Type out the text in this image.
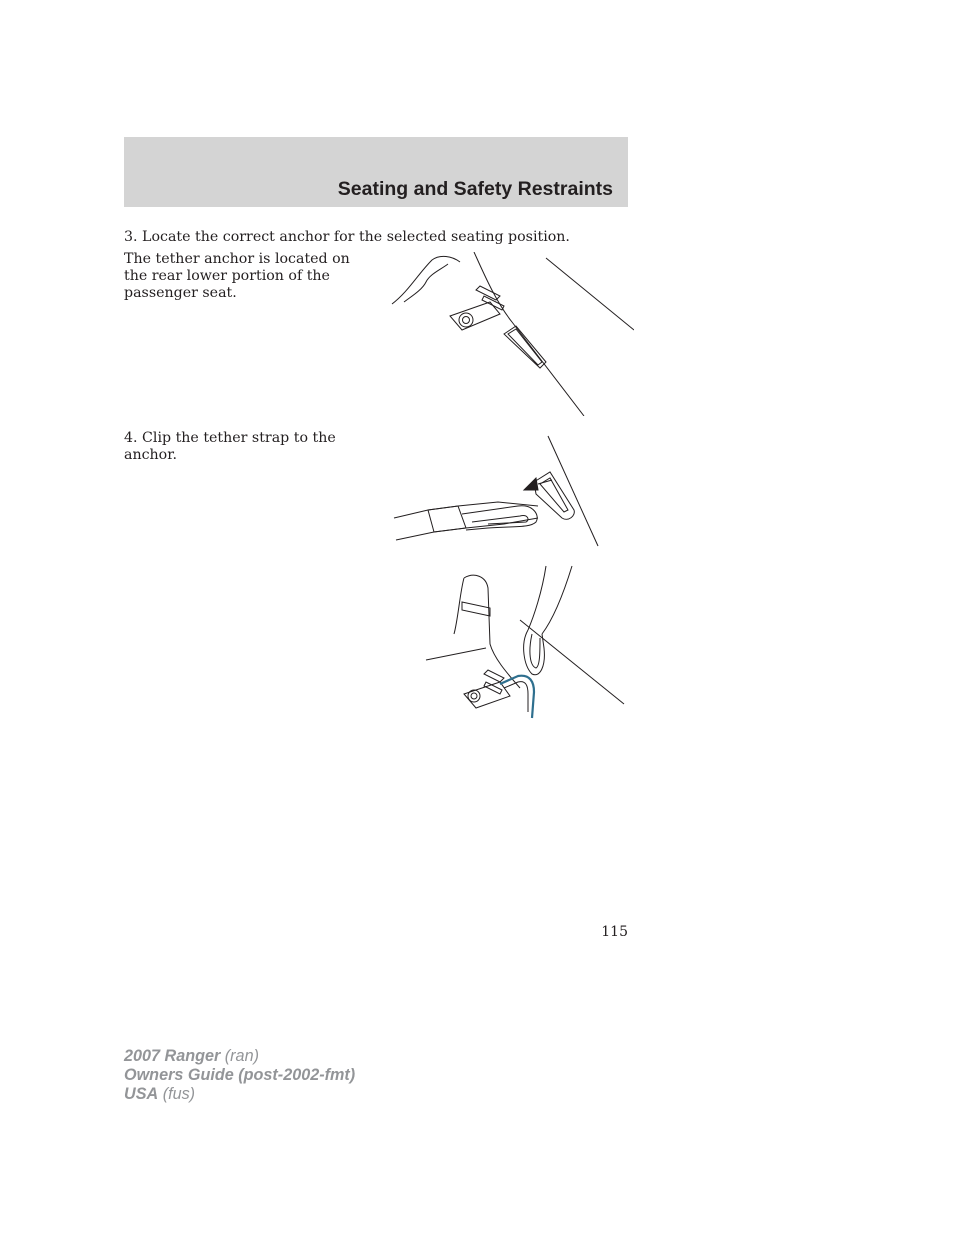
Seating and Safety Restraints

3. Locate the correct anchor for the selected seating position.

The tether anchor is located on the rear lower portion of the passenger seat.

4. Clip the tether strap to the anchor.

115

2007 Ranger (ran)

Owners Guide (post-2002-fmt)

USA (fus)
